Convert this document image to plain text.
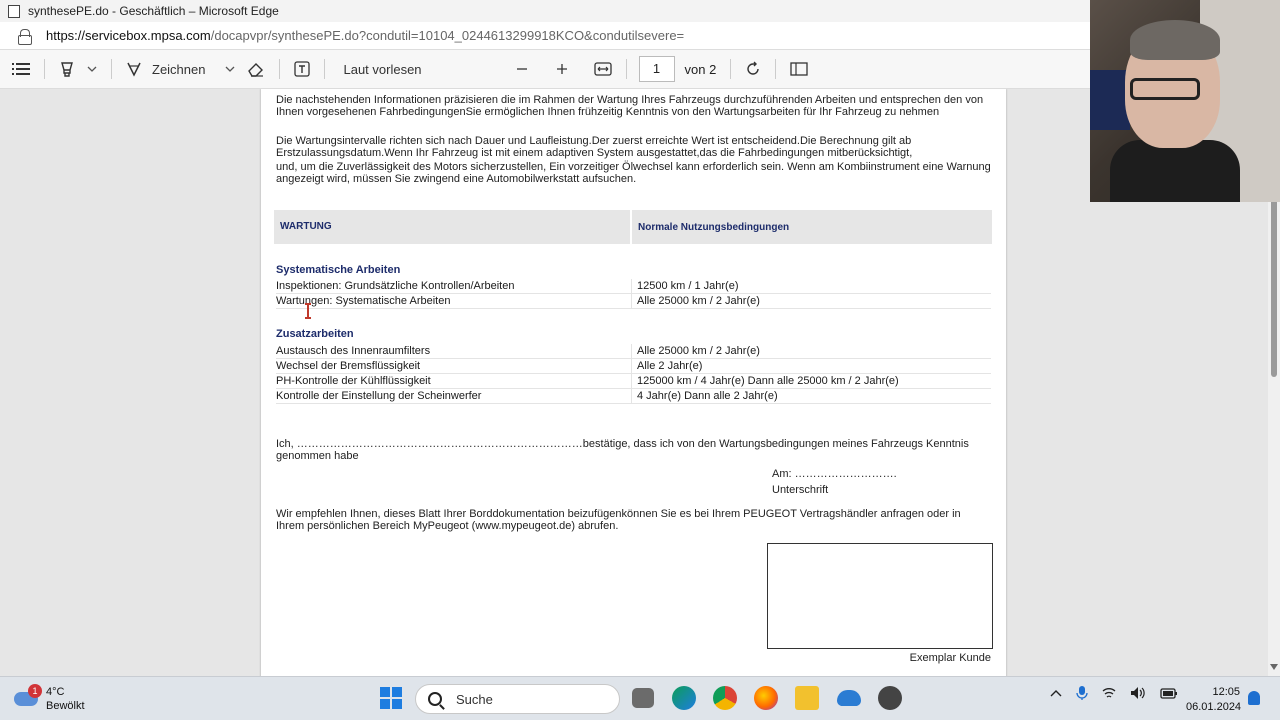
synthesePE.do - Geschäftlich – Microsoft Edge
https://servicebox.mpsa.com /docapvpr/synthesePE.do?condutil=10104_0244613299918KCO&condutilsevere=
Zeichnen	Laut vorlesen	1	von 2
Die nachstehenden Informationen präzisieren die im Rahmen der Wartung Ihres Fahrzeugs durchzuführenden Arbeiten und entsprechen den von Ihnen vorgesehenen FahrbedingungenSie ermöglichen Ihnen frühzeitig Kenntnis von den Wartungsarbeiten für Ihr Fahrzeug zu nehmen
Die Wartungsintervalle richten sich nach Dauer und Laufleistung.Der zuerst erreichte Wert ist entscheidend.Die Berechnung gilt ab Erstzulassungsdatum.Wenn Ihr Fahrzeug ist mit einem adaptiven System ausgestattet,das die Fahrbedingungen mitberücksichtigt,
und, um die Zuverlässigkeit des Motors sicherzustellen, Ein vorzeitiger Ölwechsel kann erforderlich sein. Wenn am Kombiinstrument eine Warnung angezeigt wird, müssen Sie zwingend eine Automobilwerkstatt aufsuchen.
WARTUNG	Normale Nutzungsbedingungen
Systematische Arbeiten
Inspektionen: Grundsätzliche Kontrollen/Arbeiten	12500 km / 1 Jahr(e)
Wartungen: Systematische Arbeiten	Alle 25000 km / 2 Jahr(e)
Zusatzarbeiten
Austausch des Innenraumfilters	Alle 25000 km / 2 Jahr(e)
Wechsel der Bremsflüssigkeit	Alle 2 Jahr(e)
PH-Kontrolle der Kühlflüssigkeit	125000 km / 4 Jahr(e) Dann alle 25000 km / 2 Jahr(e)
Kontrolle der Einstellung der Scheinwerfer	4 Jahr(e) Dann alle 2 Jahr(e)
Ich, ……………………………………………………………………bestätige, dass ich von den Wartungsbedingungen meines Fahrzeugs Kenntnis genommen habe
Am: ……………………….
Unterschrift
Wir empfehlen Ihnen, dieses Blatt Ihrer Borddokumentation beizufügenkönnen Sie es bei Ihrem PEUGEOT Vertragshändler anfragen oder in Ihrem persönlichen Bereich MyPeugeot (www.mypeugeot.de) abrufen.
Exemplar Kunde
1 4°C
Bewölkt	Suche	12:05
06.01.2024
